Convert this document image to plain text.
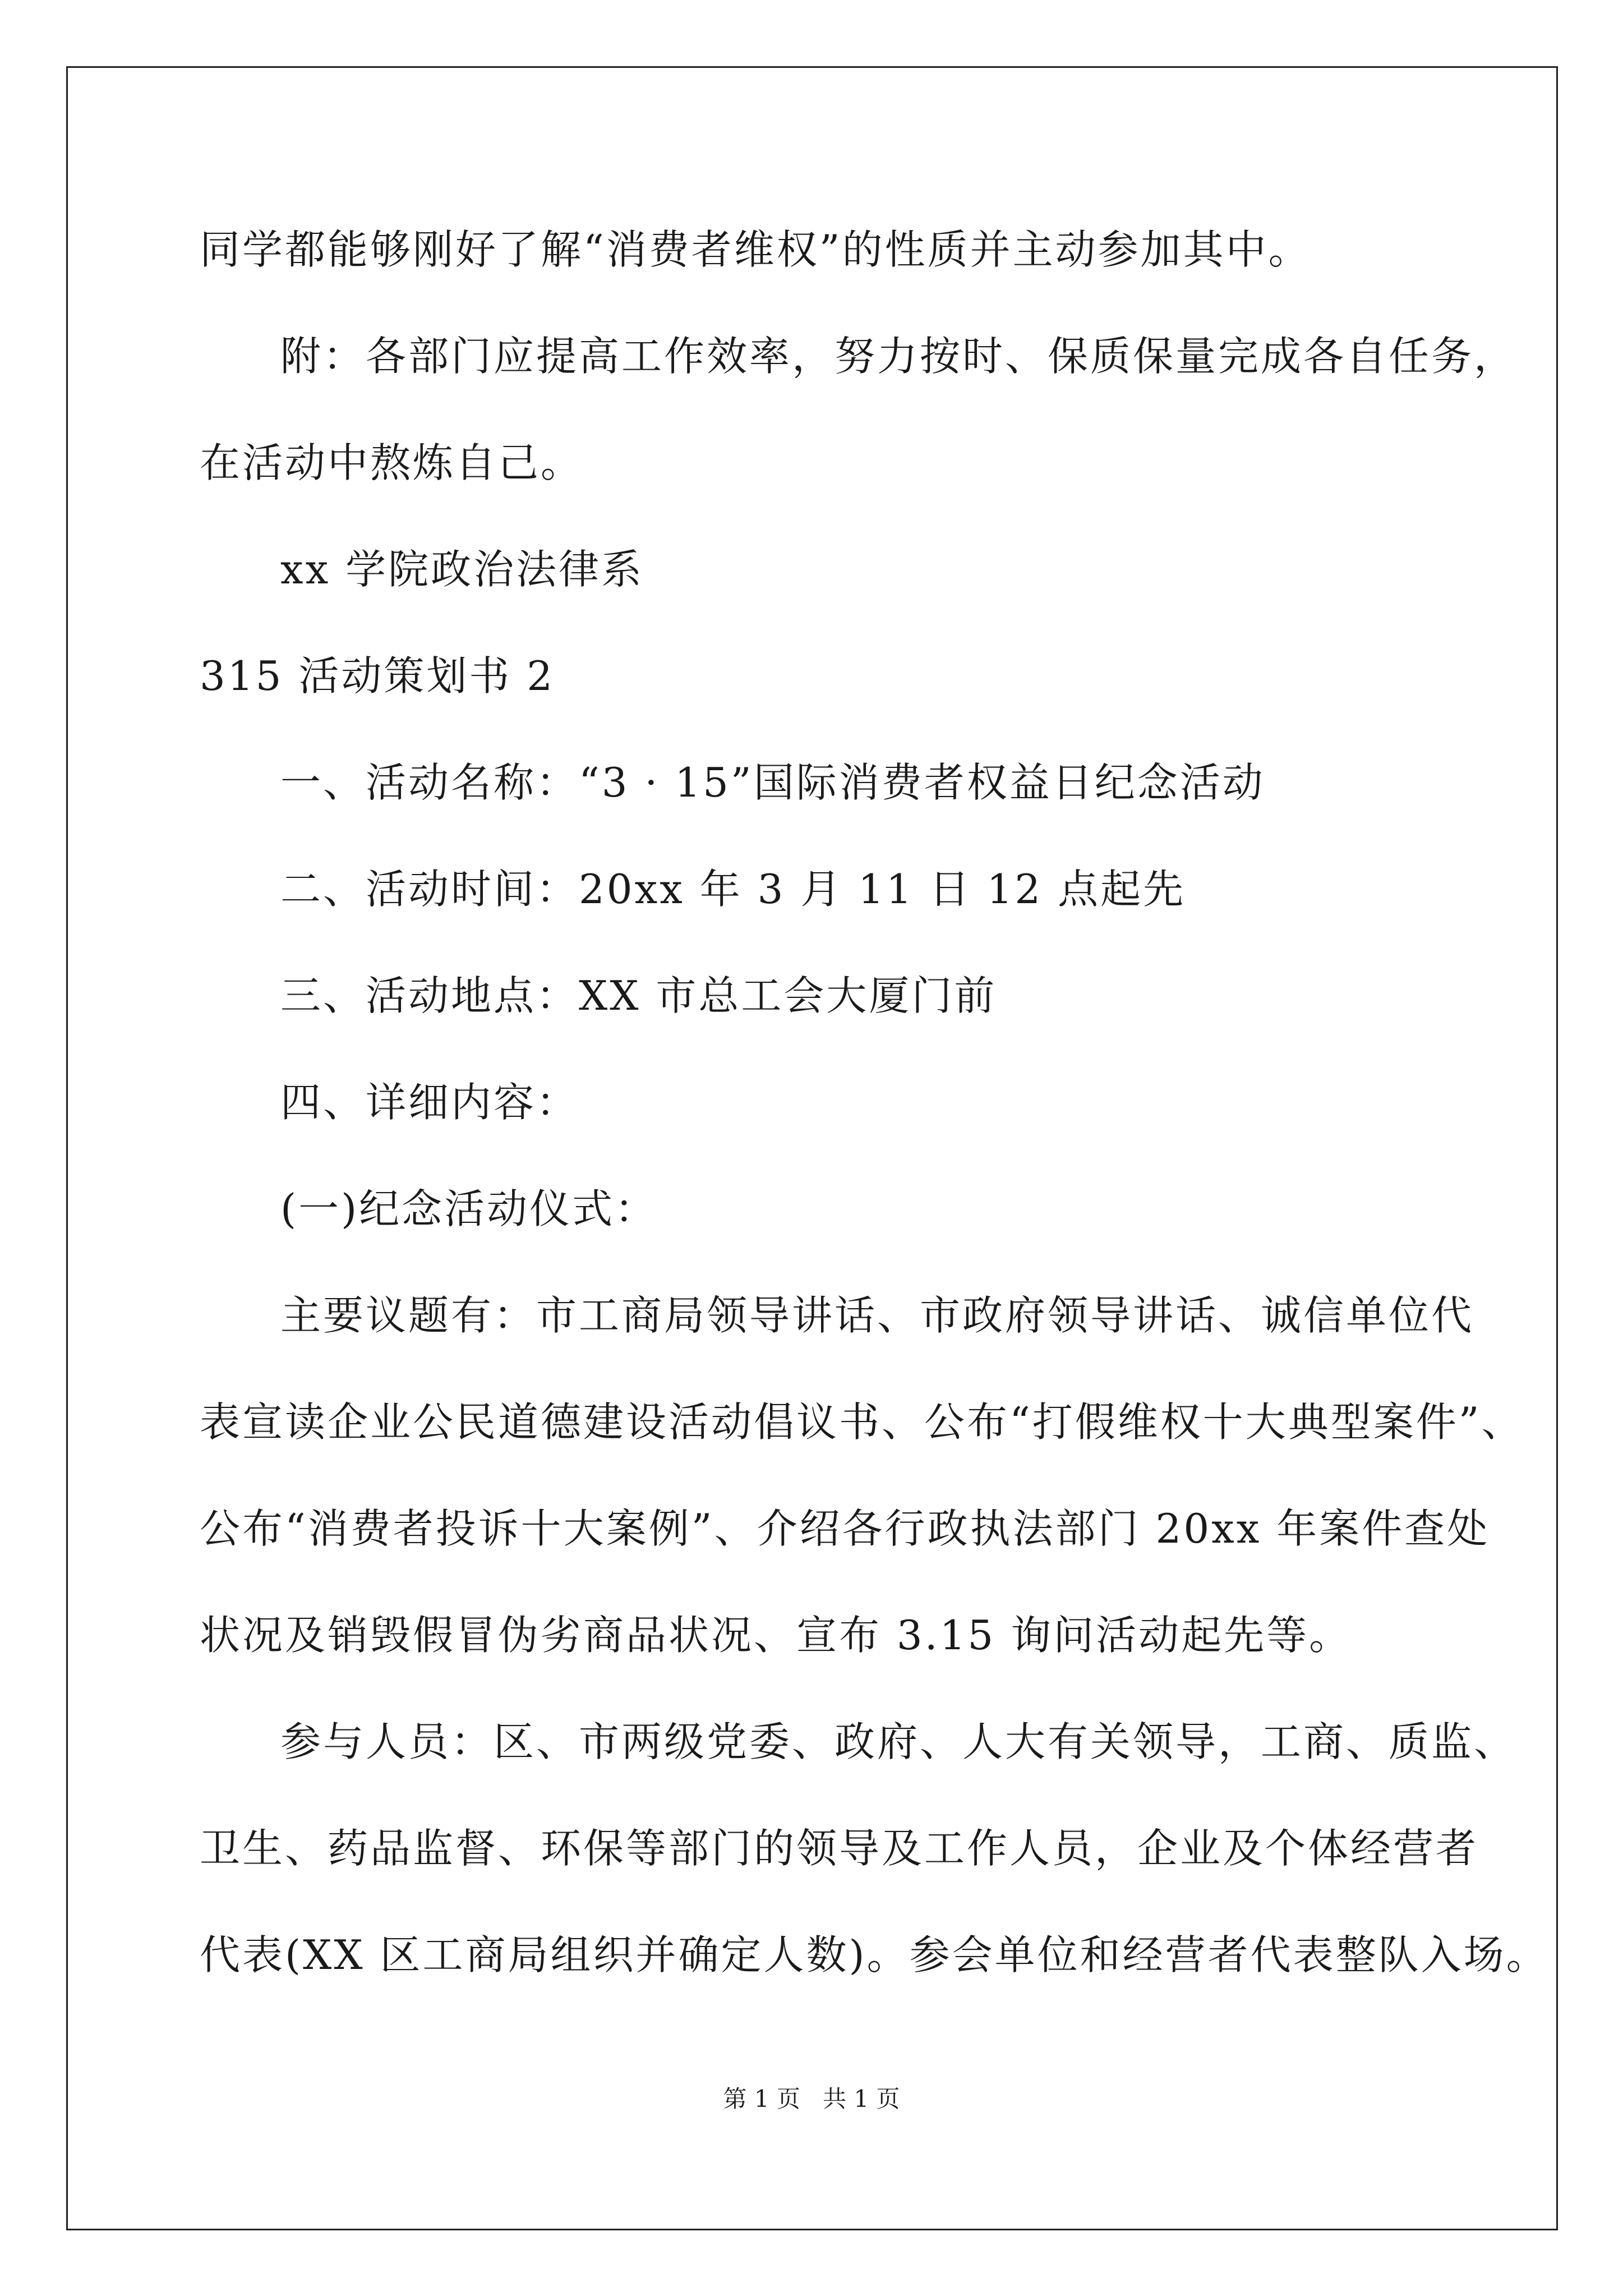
同学都能够刚好了解“消费者维权”的性质并主动参加其中。
附：各部门应提高工作效率，努力按时、保质保量完成各自任务，
在活动中熬炼自己。
xx 学院政治法律系
315 活动策划书 2
一、活动名称：“3 · 15”国际消费者权益日纪念活动
二、活动时间：20xx 年 3 月 11 日 12 点起先
三、活动地点：XX 市总工会大厦门前
四、详细内容：
(一)纪念活动仪式：
主要议题有：市工商局领导讲话、市政府领导讲话、诚信单位代
表宣读企业公民道德建设活动倡议书、公布“打假维权十大典型案件”、
公布“消费者投诉十大案例”、介绍各行政执法部门 20xx 年案件查处
状况及销毁假冒伪劣商品状况、宣布 3.15 询问活动起先等。
参与人员：区、市两级党委、政府、人大有关领导，工商、质监、
卫生、药品监督、环保等部门的领导及工作人员，企业及个体经营者
代表(XX 区工商局组织并确定人数)。参会单位和经营者代表整队入场。
第 1 页   共 1 页
